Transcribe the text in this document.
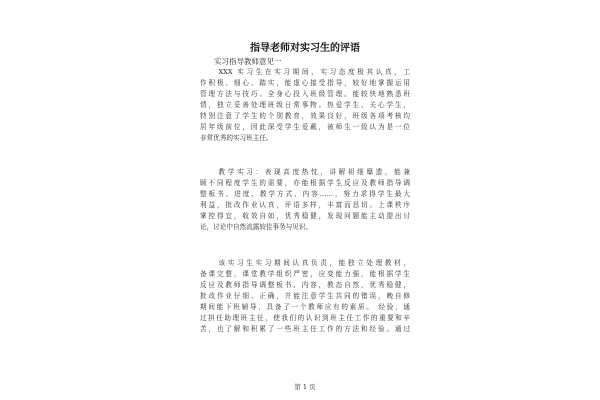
指导老师对实习生的评语
实习指导教师意见一
　　XXX 实习生在实习期间，实习态度极其认真，工
作积极、细心、踏实，能虚心接受指导，较好地掌握运用
管理方法与技巧。全身心投入班级管理。能较快地熟悉班
情，独立妥善处理班级日常事物。热爱学生、关心学生，
特别注意了学生的个别教育，效果良好，班级各项考核均
居年级前位，因此深受学生爱戴，被师生一致认为是一位
非常优秀的实习班主任。
　　教学实习：表现高度热忱，讲解祖细靡遗，能兼
顾不同程度学生的需要，亦能根据学生反应及教师指导调
整板书、进度、教学方式、内容……，努力求得学生最大
利益，批改作业认真，评语多样，丰富而恳切。上课秩序
掌控得宜，收效自如，优秀稳健，发现问题能主动提出讨
论，讨论中自然流露较佳事务与见识。
　　该实习生实习期间认真负责，能独立处理教材，
备课完整，课堂教学组织严密，应变能力强，能根据学生
反应及教师指导调整板书、内容，教态自然，优秀稳健，
批改作业仔细、正确，并能注意学生共同的错误，晚自修
期间能下班辅导，具备了一个教师应有的素质。 经验，通
过担任助理班主任，使我们的认识到班主任工作的重要和辛
苦，也了解和积累了一些班主任工作的方法和经验。通过
第 1 页
